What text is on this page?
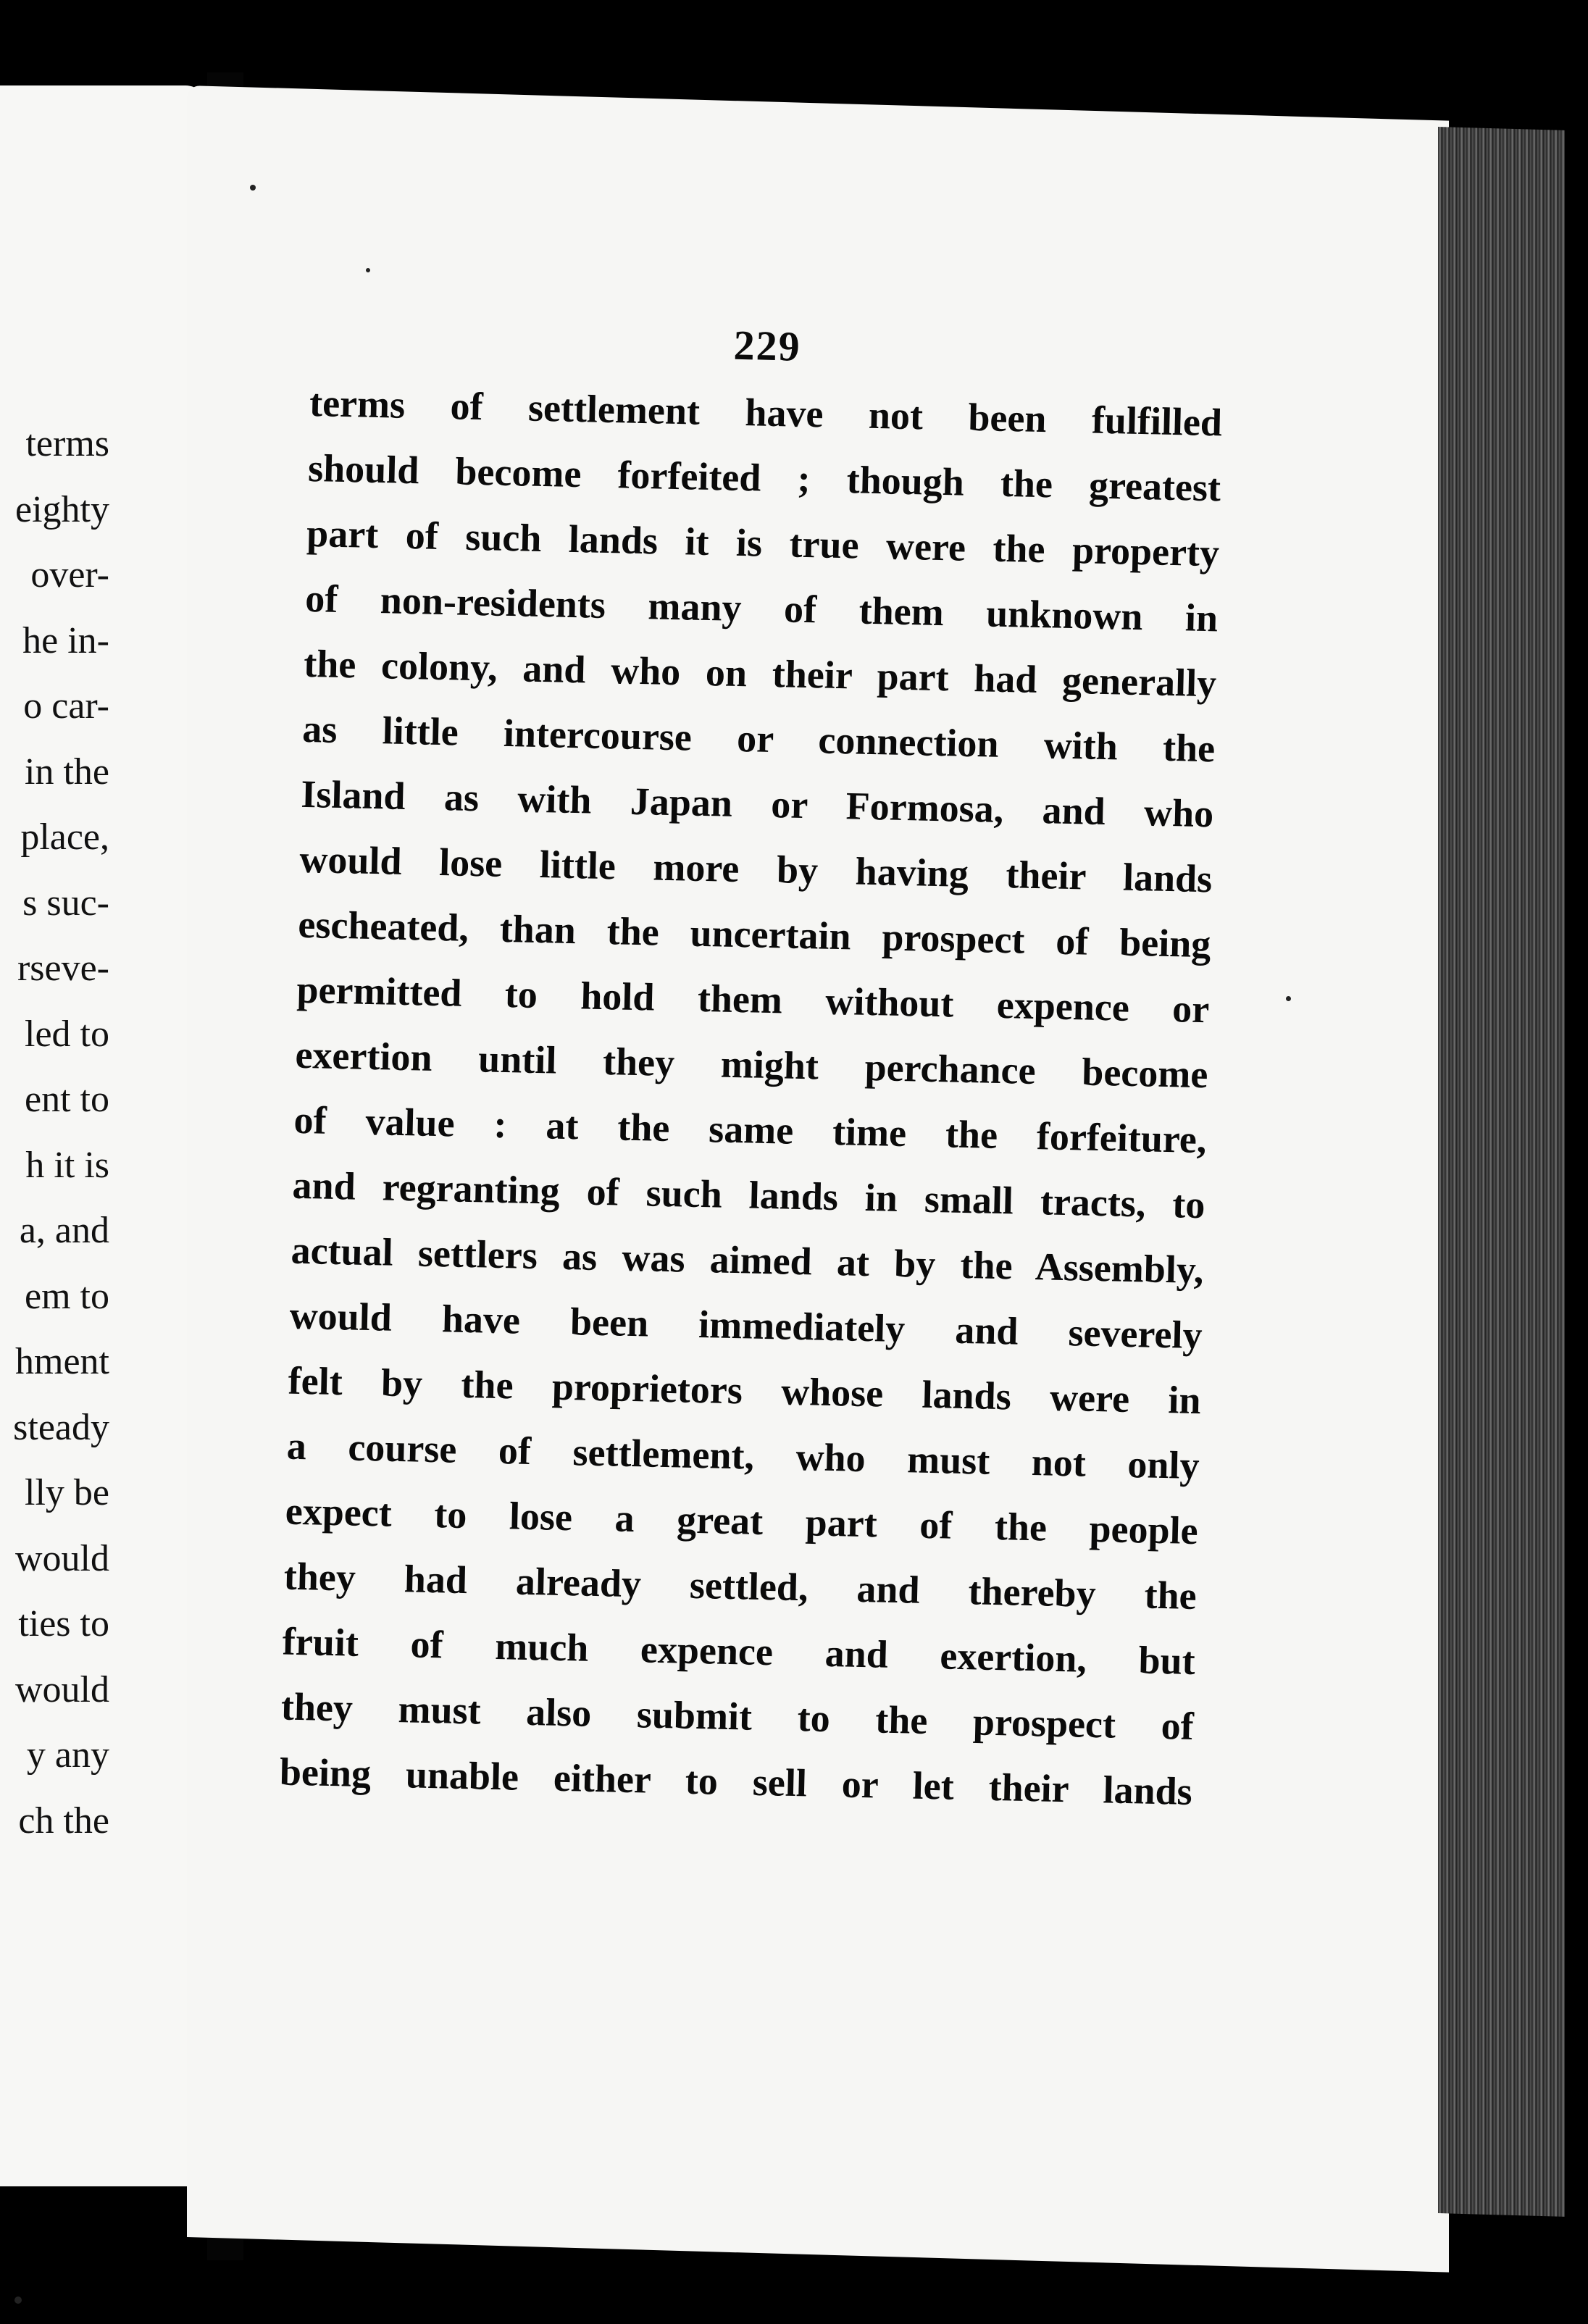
terms
eighty
over-
he in-
o car-
in the
place,
s suc-
rseve-
led to
ent to
h it is
a, and
em to
hment
steady
lly be
would
ties to
would
y any
ch the
229
terms of settlement have not been fulfilled
should become forfeited ; though the greatest
part of such lands it is true were the property
of non-residents many of them unknown in
the colony, and who on their part had generally
as little intercourse or connection with the
Island as with Japan or Formosa, and who
would lose little more by having their lands
escheated, than the uncertain prospect of being
permitted to hold them without expence or
exertion until they might perchance become
of value : at the same time the forfeiture,
and regranting of such lands in small tracts, to
actual settlers as was aimed at by the Assembly,
would have been immediately and severely
felt by the proprietors whose lands were in
a course of settlement, who must not only
expect to lose a great part of the people
they had already settled, and thereby the
fruit of much expence and exertion, but
they must also submit to the prospect of
being unable either to sell or let their lands
